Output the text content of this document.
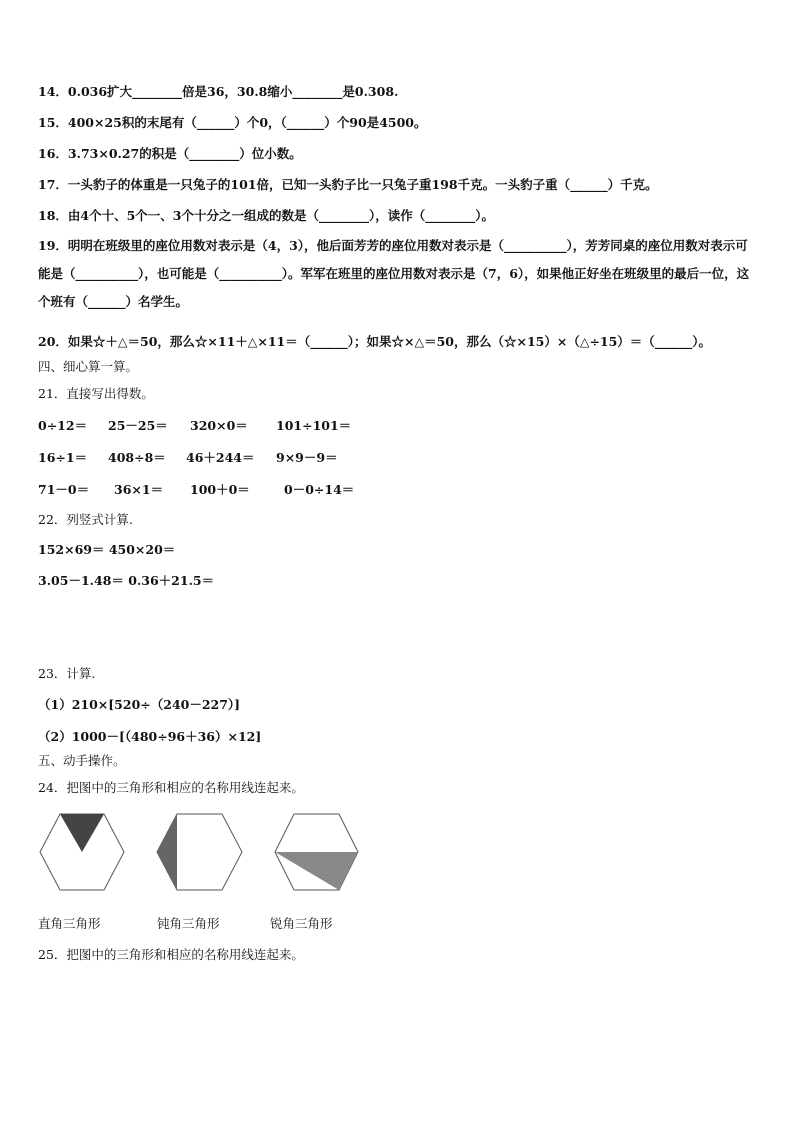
14．0.036扩大________倍是36，30.8缩小________是0.308.
15．400×25积的末尾有（______）个0，（______）个90是4500。
16．3.73×0.27的积是（________）位小数。
17．一头豹子的体重是一只兔子的101倍，已知一头豹子比一只兔子重198千克。一头豹子重（______）千克。
18．由4个十、5个一、3个十分之一组成的数是（________），读作（________）。
19．明明在班级里的座位用数对表示是（4，3），他后面芳芳的座位用数对表示是（__________），芳芳同桌的座位用数对表示可能是（__________），也可能是（__________）。军军在班里的座位用数对表示是（7，6），如果他正好坐在班级里的最后一位，这个班有（______）名学生。
20．如果☆＋△＝50，那么☆×11＋△×11＝（______）；如果☆×△＝50，那么（☆×15）×（△÷15）＝（______）。
四、细心算一算。
21．直接写出得数。
0÷12＝ 25－25＝ 320×0＝ 101÷101＝
16÷1＝ 408÷8＝ 46＋244＝ 9×9－9＝
71－0＝ 36×1＝ 100＋0＝	0－0÷14＝
22．列竖式计算.
152×69＝ 450×20＝
3.05－1.48＝ 0.36＋21.5＝
23．计算.
（1）210×[520÷（240－227）]
（2）1000－[（480÷96＋36）×12]
五、动手操作。
24．把图中的三角形和相应的名称用线连起来。
直角三角形	钝角三角形	锐角三角形
25．把图中的三角形和相应的名称用线连起来。
